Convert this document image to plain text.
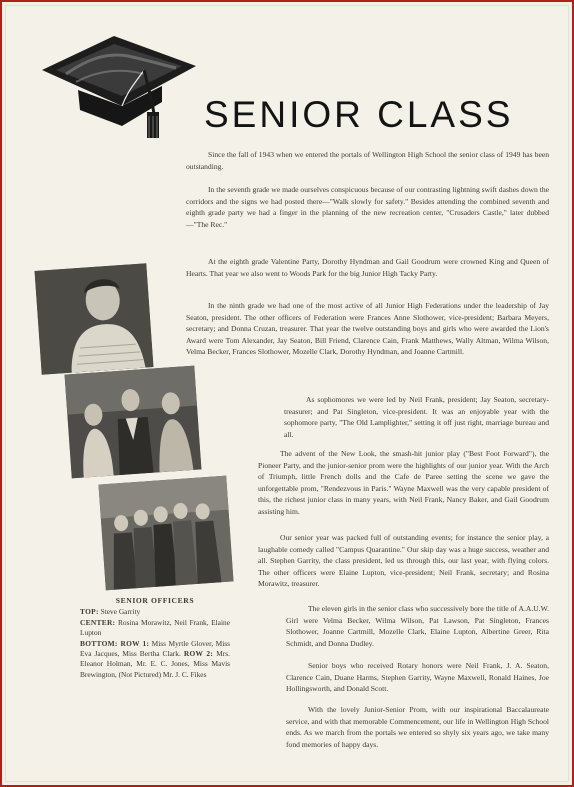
SENIOR CLASS

Since the fall of 1943 when we entered the portals of Wellington High School the senior class of 1949 has been outstanding.

In the seventh grade we made ourselves conspicuous because of our contrasting lightning swift dashes down the corridors and the signs we had posted there—"Walk slowly for safety." Besides attending the combined seventh and eighth grade party we had a finger in the planning of the new recreation center, "Crusaders Castle," later dubbed—"The Rec."

At the eighth grade Valentine Party, Dorothy Hyndman and Gail Goodrum were crowned King and Queen of Hearts. That year we also went to Woods Park for the big Junior High Tacky Party.

In the ninth grade we had one of the most active of all Junior High Federations under the leadership of Jay Seaton, president. The other officers of Federation were Frances Anne Slothower, vice-president; Barbara Meyers, secretary; and Donna Cruzan, treasurer. That year the twelve outstanding boys and girls who were awarded the Lion's Award were Tom Alexander, Jay Seaton, Bill Friend, Clarence Cain, Frank Matthews, Wally Altman, Wilma Wilson, Velma Becker, Frances Slothower, Mozelle Clark, Dorothy Hyndman, and Joanne Cartmill.

As sophomores we were led by Neil Frank, president; Jay Seaton, secretary-treasurer; and Pat Singleton, vice-president. It was an enjoyable year with the sophomore party, "The Old Lamplighter," setting it off just right, marriage bureau and all.

The advent of the New Look, the smash-hit junior play ("Best Foot Forward"), the Pioneer Party, and the junior-senior prom were the highlights of our junior year. With the Arch of Triumph, little French dolls and the Cafe de Paree setting the scene we gave the unforgettable prom, "Rendezvous in Paris." Wayne Maxwell was the very capable president of this, the richest junior class in many years, with Neil Frank, Nancy Baker, and Gail Goodrum assisting him.

Our senior year was packed full of outstanding events; for instance the senior play, a laughable comedy called "Campus Quarantine." Our skip day was a huge success, weather and all. Stephen Garrity, the class president, led us through this, our last year, with flying colors. The other officers were Elaine Lupton, vice-president; Neil Frank, secretary; and Rosina Morawitz, treasurer.

The eleven girls in the senior class who successively bore the title of A.A.U.W. Girl were Velma Becker, Wilma Wilson, Pat Lawson, Pat Singleton, Frances Slothower, Joanne Cartmill, Mozelle Clark, Elaine Lupton, Albertine Greer, Rita Schmidt, and Donna Dudley.

Senior boys who received Rotary honors were Neil Frank, J. A. Seaton, Clarence Cain, Duane Harms, Stephen Garrity, Wayne Maxwell, Ronald Haines, Joe Hollingsworth, and Donald Scott.

With the lovely Junior-Senior Prom, with our inspirational Baccalaureate service, and with that memorable Commencement, our life in Wellington High School ends. As we march from the portals we entered so shyly six years ago, we take many fond memories of happy days.

SENIOR OFFICERS

TOP: Steve Garrity

CENTER: Rosina Morawitz, Neil Frank, Elaine Lupton

BOTTOM: ROW 1: Miss Myrtle Glover, Miss Eva Jacques, Miss Bertha Clark. ROW 2: Mrs. Eleanor Holman, Mr. E. C. Jones, Miss Mavis Brewington, (Not Pictured) Mr. J. C. Fikes
